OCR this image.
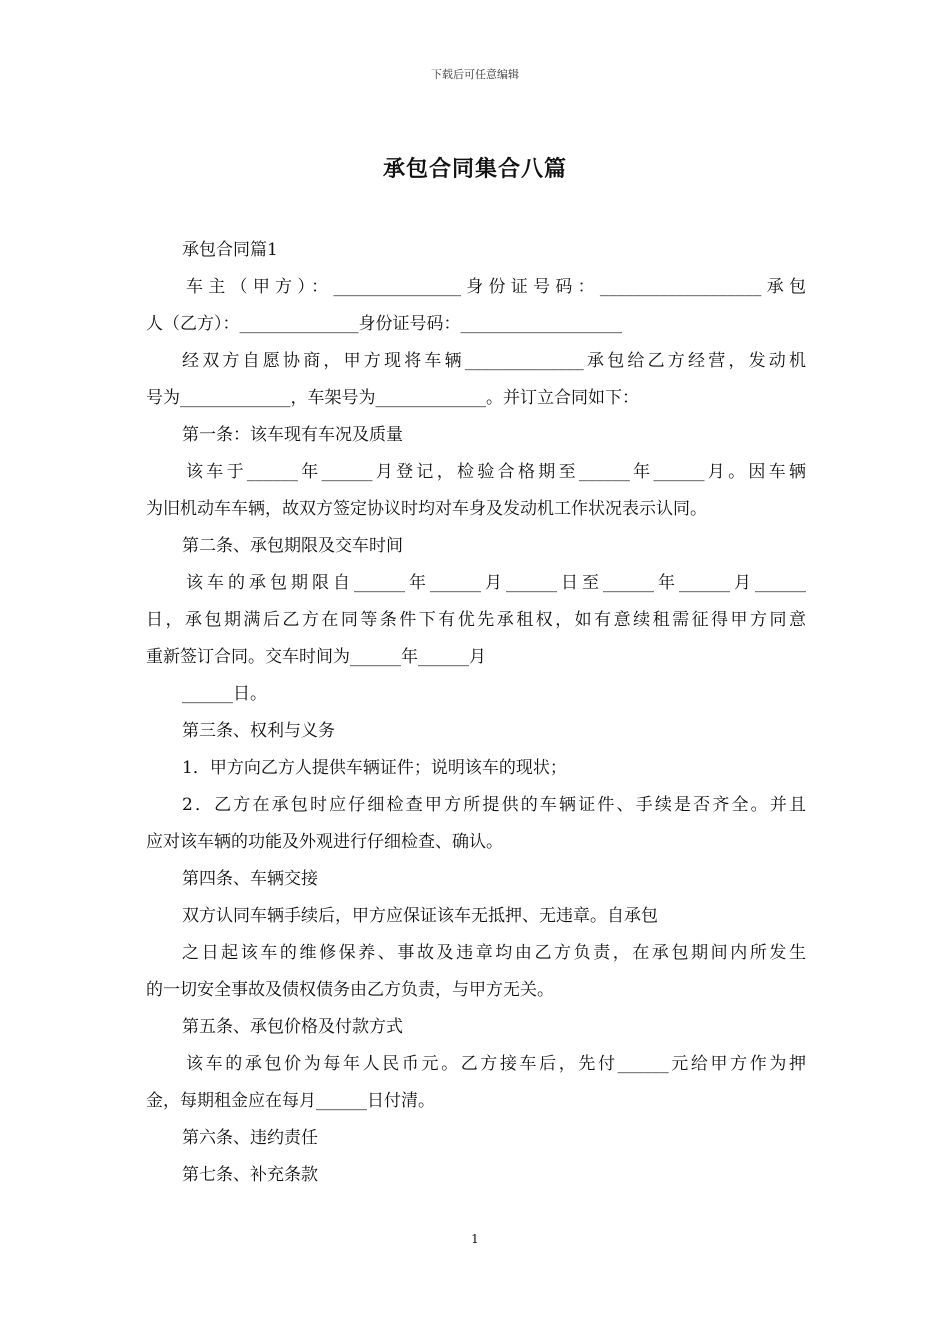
下载后可任意编辑
承包合同集合八篇
承包合同篇1
车主（甲方）：_______________身份证号码：___________________承包
人（乙方）：______________身份证号码：___________________
经双方自愿协商，甲方现将车辆______________承包给乙方经营，发动机
号为_____________，车架号为_____________。并订立合同如下：
第一条：该车现有车况及质量
该车于______年______月登记，检验合格期至______年______月。因车辆
为旧机动车车辆，故双方签定协议时均对车身及发动机工作状况表示认同。
第二条、承包期限及交车时间
该车的承包期限自______年______月______日至______年______月______
日，承包期满后乙方在同等条件下有优先承租权，如有意续租需征得甲方同意
重新签订合同。交车时间为______年______月
______日。
第三条、权利与义务
1．甲方向乙方人提供车辆证件；说明该车的现状；
2．乙方在承包时应仔细检查甲方所提供的车辆证件、手续是否齐全。并且
应对该车辆的功能及外观进行仔细检查、确认。
第四条、车辆交接
双方认同车辆手续后，甲方应保证该车无抵押、无违章。自承包
之日起该车的维修保养、事故及违章均由乙方负责，在承包期间内所发生
的一切安全事故及债权债务由乙方负责，与甲方无关。
第五条、承包价格及付款方式
该车的承包价为每年人民币元。乙方接车后，先付______元给甲方作为押
金，每期租金应在每月______日付清。
第六条、违约责任
第七条、补充条款
1
